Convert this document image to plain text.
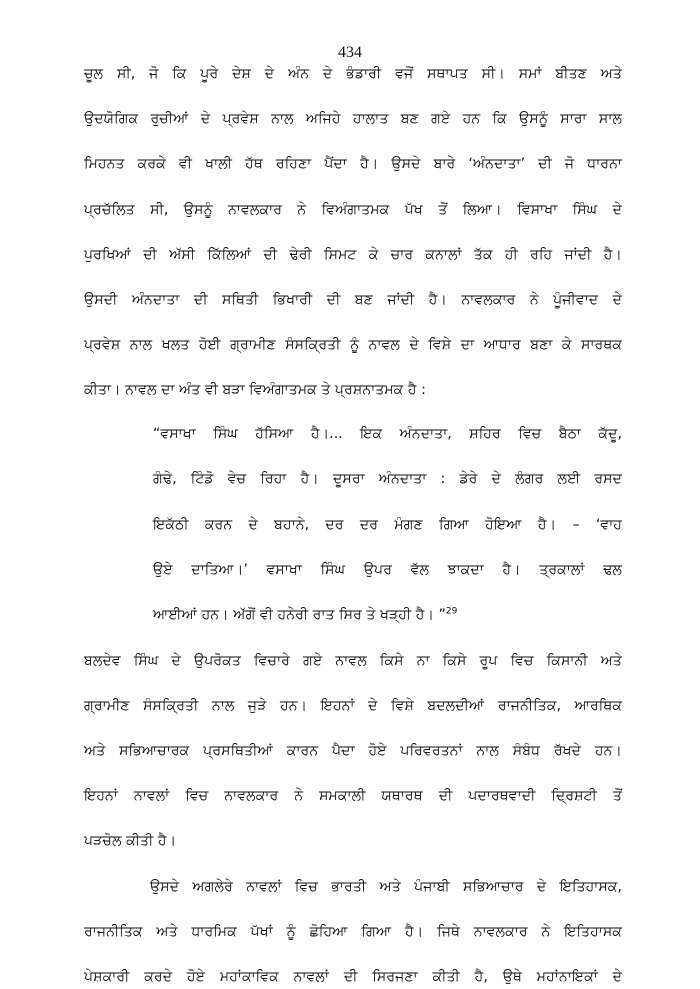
434
ਚੂਲ ਸੀ, ਜੋ ਕਿ ਪੂਰੇ ਦੇਸ਼ ਦੇ ਅੰਨ ਦੇ ਭੰਡਾਰੀ ਵਜੋਂ ਸਥਾਪਤ ਸੀ। ਸਮਾਂ ਬੀਤਣ ਅਤੇ
ਉਦਯੋਗਿਕ ਰੁਚੀਆਂ ਦੇ ਪ੍ਰਵੇਸ਼ ਨਾਲ ਅਜਿਹੇ ਹਾਲਾਤ ਬਣ ਗਏ ਹਨ ਕਿ ਉਸਨੂੰ ਸਾਰਾ ਸਾਲ
ਮਿਹਨਤ ਕਰਕੇ ਵੀ ਖਾਲੀ ਹੱਥ ਰਹਿਣਾ ਪੈਂਦਾ ਹੈ। ਉਸਦੇ ਬਾਰੇ ‘ਅੰਨਦਾਤਾ’ ਦੀ ਜੋ ਧਾਰਨਾ
ਪ੍ਰਚੱਲਿਤ ਸੀ, ਉਸਨੂੰ ਨਾਵਲਕਾਰ ਨੇ ਵਿਅੰਗਾਤਮਕ ਪੱਖ ਤੋਂ ਲਿਆ। ਵਿਸਾਖਾ ਸਿੰਘ ਦੇ
ਪੁਰਖਿਆਂ ਦੀ ਅੱਸੀ ਕਿੱਲਿਆਂ ਦੀ ਢੇਰੀ ਸਿਮਟ ਕੇ ਚਾਰ ਕਨਾਲਾਂ ਤੱਕ ਹੀ ਰਹਿ ਜਾਂਦੀ ਹੈ।
ਉਸਦੀ ਅੰਨਦਾਤਾ ਦੀ ਸਥਿਤੀ ਭਿਖਾਰੀ ਦੀ ਬਣ ਜਾਂਦੀ ਹੈ। ਨਾਵਲਕਾਰ ਨੇ ਪੂੰਜੀਵਾਦ ਦੇ
ਪ੍ਰਵੇਸ਼ ਨਾਲ ਖਲਤ ਹੋਈ ਗ੍ਰਾਮੀਣ ਸੰਸਕ੍ਰਿਤੀ ਨੂੰ ਨਾਵਲ ਦੇ ਵਿਸ਼ੇ ਦਾ ਆਧਾਰ ਬਣਾ ਕੇ ਸਾਰਥਕ
ਕੀਤਾ। ਨਾਵਲ ਦਾ ਅੰਤ ਵੀ ਬੜਾ ਵਿਅੰਗਾਤਮਕ ਤੇ ਪ੍ਰਸ਼ਨਾਤਮਕ ਹੈ :
“ਵਸਾਖਾ ਸਿੰਘ ਹੱਸਿਆ ਹੈ।... ਇਕ ਅੰਨਦਾਤਾ, ਸ਼ਹਿਰ ਵਿਚ ਬੈਠਾ ਕੱਦੂ,
ਗੰਢੇ, ਟਿੰਡੋ ਵੇਚ ਰਿਹਾ ਹੈ। ਦੂਸਰਾ ਅੰਨਦਾਤਾ : ਡੇਰੇ ਦੇ ਲੰਗਰ ਲਈ ਰਸਦ
ਇਕੱਠੀ ਕਰਨ ਦੇ ਬਹਾਨੇ, ਦਰ ਦਰ ਮੰਗਣ ਗਿਆ ਹੋਇਆ ਹੈ। – ‘ਵਾਹ
ਉਏ ਦਾਤਿਆ।’ ਵਸਾਖਾ ਸਿੰਘ ਉਪਰ ਵੱਲ ਝਾਕਦਾ ਹੈ। ਤ੍ਰਕਾਲਾਂ ਢਲ
ਆਈਆਂ ਹਨ। ਅੱਗੋਂ ਵੀ ਹਨੇਰੀ ਰਾਤ ਸਿਰ ਤੇ ਖੜ੍ਹੀ ਹੈ। ”$^{29}$
ਬਲਦੇਵ ਸਿੰਘ ਦੇ ਉਪਰੋਕਤ ਵਿਚਾਰੇ ਗਏ ਨਾਵਲ ਕਿਸੇ ਨਾ ਕਿਸੇ ਰੂਪ ਵਿਚ ਕਿਸਾਨੀ ਅਤੇ
ਗ੍ਰਾਮੀਣ ਸੰਸਕ੍ਰਿਤੀ ਨਾਲ ਜੁੜੇ ਹਨ। ਇਹਨਾਂ ਦੇ ਵਿਸ਼ੇ ਬਦਲਦੀਆਂ ਰਾਜਨੀਤਿਕ, ਆਰਥਿਕ
ਅਤੇ ਸਭਿਆਚਾਰਕ ਪ੍ਰਸਥਿਤੀਆਂ ਕਾਰਨ ਪੈਦਾ ਹੋਏ ਪਰਿਵਰਤਨਾਂ ਨਾਲ ਸੰਬੰਧ ਰੱਖਦੇ ਹਨ।
ਇਹਨਾਂ ਨਾਵਲਾਂ ਵਿਚ ਨਾਵਲਕਾਰ ਨੇ ਸਮਕਾਲੀ ਯਥਾਰਥ ਦੀ ਪਦਾਰਥਵਾਦੀ ਦ੍ਰਿਸ਼ਟੀ ਤੋਂ
ਪੜਚੋਲ ਕੀਤੀ ਹੈ।
ਉਸਦੇ ਅਗਲੇਰੇ ਨਾਵਲਾਂ ਵਿਚ ਭਾਰਤੀ ਅਤੇ ਪੰਜਾਬੀ ਸਭਿਆਚਾਰ ਦੇ ਇਤਿਹਾਸਕ,
ਰਾਜਨੀਤਿਕ ਅਤੇ ਧਾਰਮਿਕ ਪੱਖਾਂ ਨੂੰ ਛੋਹਿਆ ਗਿਆ ਹੈ। ਜਿਥੇ ਨਾਵਲਕਾਰ ਨੇ ਇਤਿਹਾਸਕ
ਪੇਸ਼ਕਾਰੀ ਕਰਦੇ ਹੋਏ ਮਹਾਂਕਾਵਿਕ ਨਾਵਲਾਂ ਦੀ ਸਿਰਜਣਾ ਕੀਤੀ ਹੈ, ਉਥੇ ਮਹਾਂਨਾਇਕਾਂ ਦੇ
